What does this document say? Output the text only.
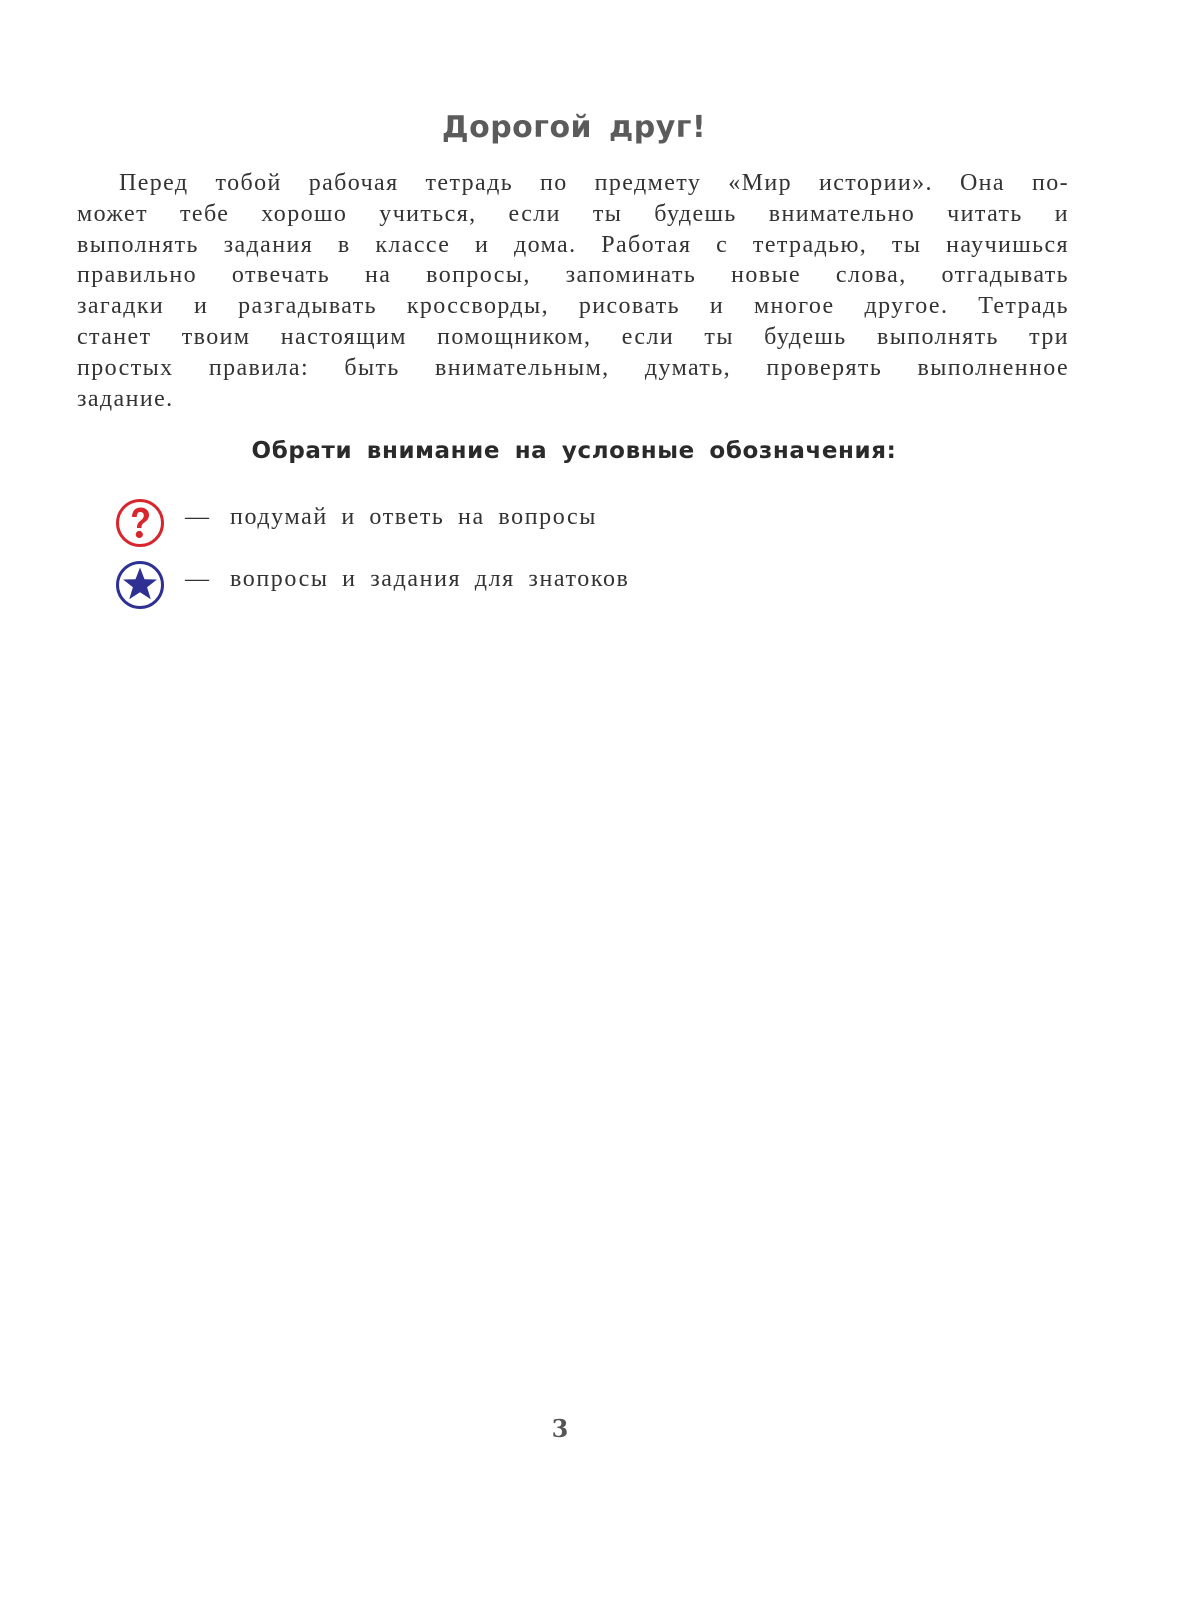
Дорогой друг!
Перед тобой рабочая тетрадь по предмету «Мир истории». Она по-
может тебе хорошо учиться, если ты будешь внимательно читать и
выполнять задания в классе и дома. Работая с тетрадью, ты научишься
правильно отвечать на вопросы, запоминать новые слова, отгадывать
загадки и разгадывать кроссворды, рисовать и многое другое. Тетрадь
станет твоим настоящим помощником, если ты будешь выполнять три
простых правила: быть внимательным, думать, проверять выполненное
задание.
Обрати внимание на условные обозначения:
— подумай и ответь на вопросы
— вопросы и задания для знатоков
3
